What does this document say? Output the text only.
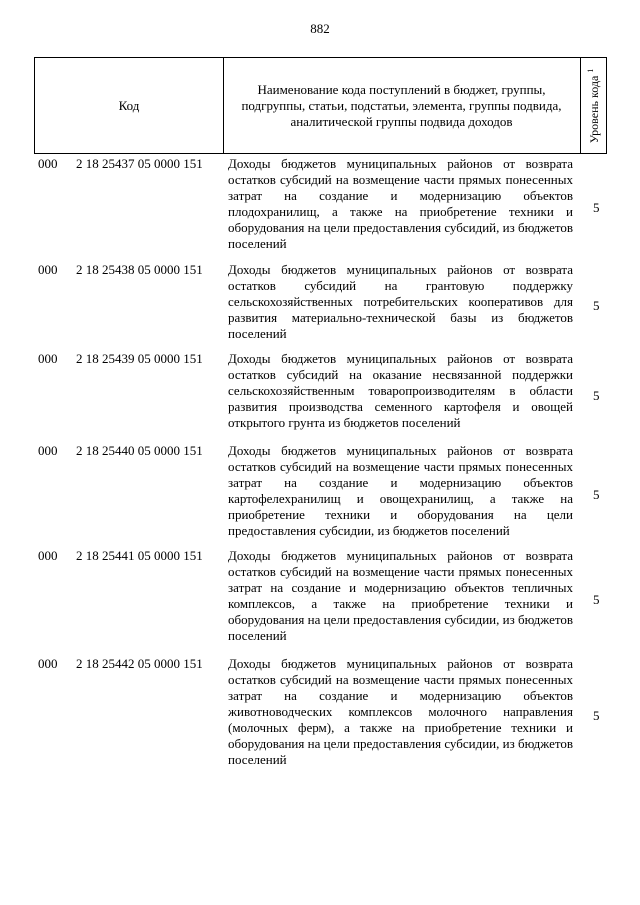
882
Код
Наименование кода поступлений в бюджет, группы, подгруппы, статьи, подстатьи, элемента, группы подвида, аналитической группы подвида доходов	Уровень кода $^1$
000 2 18 25437 05 0000 151 Доходы бюджетов муниципальных районов от возврата остатков субсидий на возмещение части прямых понесенных затрат на создание и модернизацию объектов плодохранилищ, а также на приобретение техники и оборудования на цели предоставления субсидий, из бюджетов поселений
5
000 2 18 25438 05 0000 151 Доходы бюджетов муниципальных районов от возврата остатков субсидий на грантовую поддержку сельскохозяйственных потребительских кооперативов для развития материально-технической базы из бюджетов поселений
5
000 2 18 25439 05 0000 151 Доходы бюджетов муниципальных районов от возврата остатков субсидий на оказание несвязанной поддержки сельскохозяйственным товаропроизводителям в области развития производства семенного картофеля и овощей открытого грунта из бюджетов поселений
5
000 2 18 25440 05 0000 151 Доходы бюджетов муниципальных районов от возврата остатков субсидий на возмещение части прямых понесенных затрат на создание и модернизацию объектов картофелехранилищ и овощехранилищ, а также на приобретение техники и оборудования на цели предоставления субсидии, из бюджетов поселений
5
000 2 18 25441 05 0000 151 Доходы бюджетов муниципальных районов от возврата остатков субсидий на возмещение части прямых понесенных затрат на создание и модернизацию объектов тепличных комплексов, а также на приобретение техники и оборудования на цели предоставления субсидии, из бюджетов поселений
5
000 2 18 25442 05 0000 151 Доходы бюджетов муниципальных районов от возврата остатков субсидий на возмещение части прямых понесенных затрат на создание и модернизацию объектов животноводческих комплексов молочного направления (молочных ферм), а также на приобретение техники и оборудования на цели предоставления субсидии, из бюджетов поселений
5
